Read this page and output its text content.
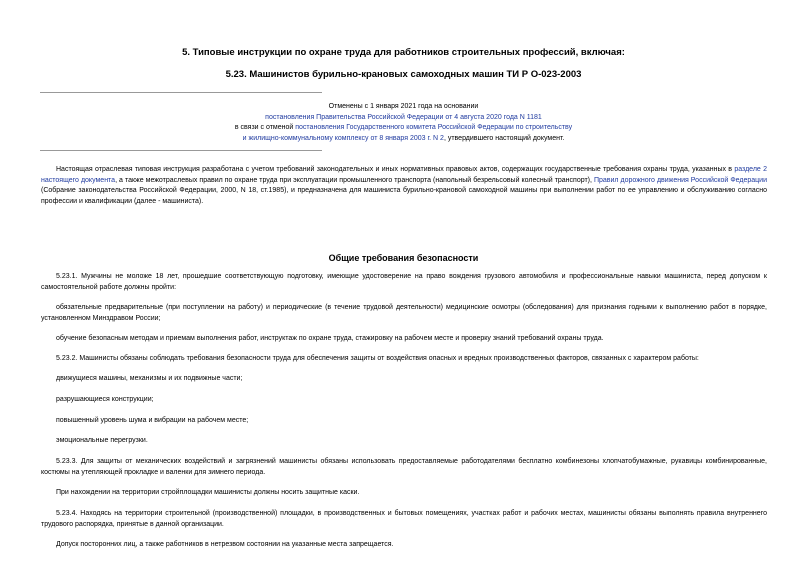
5. Типовые инструкции по охране труда для работников строительных профессий, включая:
5.23. Машинистов бурильно-крановых самоходных машин ТИ Р О-023-2003
Отменены с 1 января 2021 года на основании
постановления Правительства Российской Федерации от 4 августа 2020 года N 1181
в связи с отменой постановления Государственного комитета Российской Федерации по строительству
и жилищно-коммунальному комплексу от 8 января 2003 г. N 2, утвердившего настоящий документ.

Настоящая отраслевая типовая инструкция разработана с учетом требований законодательных и иных нормативных правовых актов, содержащих государственные требования охраны труда, указанных в разделе 2 настоящего документа, а также межотраслевых правил по охране труда при эксплуатации промышленного транспорта (напольный безрельсовый колесный транспорт), Правил дорожного движения Российской Федерации (Собрание законодательства Российской Федерации, 2000, N 18, ст.1985), и предназначена для машиниста бурильно-крановой самоходной машины при выполнении работ по ее управлению и обслуживанию согласно профессии и квалификации (далее - машиниста).

Общие требования безопасности

5.23.1. Мужчины не моложе 18 лет, прошедшие соответствующую подготовку, имеющие удостоверение на право вождения грузового автомобиля и профессиональные навыки машиниста, перед допуском к самостоятельной работе должны пройти:

обязательные предварительные (при поступлении на работу) и периодические (в течение трудовой деятельности) медицинские осмотры (обследования) для признания годными к выполнению работ в порядке, установленном Минздравом России;

обучение безопасным методам и приемам выполнения работ, инструктаж по охране труда, стажировку на рабочем месте и проверку знаний требований охраны труда.

5.23.2. Машинисты обязаны соблюдать требования безопасности труда для обеспечения защиты от воздействия опасных и вредных производственных факторов, связанных с характером работы:

движущиеся машины, механизмы и их подвижные части;

разрушающиеся конструкции;

повышенный уровень шума и вибрации на рабочем месте;

эмоциональные перегрузки.

5.23.3. Для защиты от механических воздействий и загрязнений машинисты обязаны использовать предоставляемые работодателями бесплатно комбинезоны хлопчатобумажные, рукавицы комбинированные, костюмы на утепляющей прокладке и валенки для зимнего периода.

При нахождении на территории стройплощадки машинисты должны носить защитные каски.

5.23.4. Находясь на территории строительной (производственной) площадки, в производственных и бытовых помещениях, участках работ и рабочих местах, машинисты обязаны выполнять правила внутреннего трудового распорядка, принятые в данной организации.

Допуск посторонних лиц, а также работников в нетрезвом состоянии на указанные места запрещается.
